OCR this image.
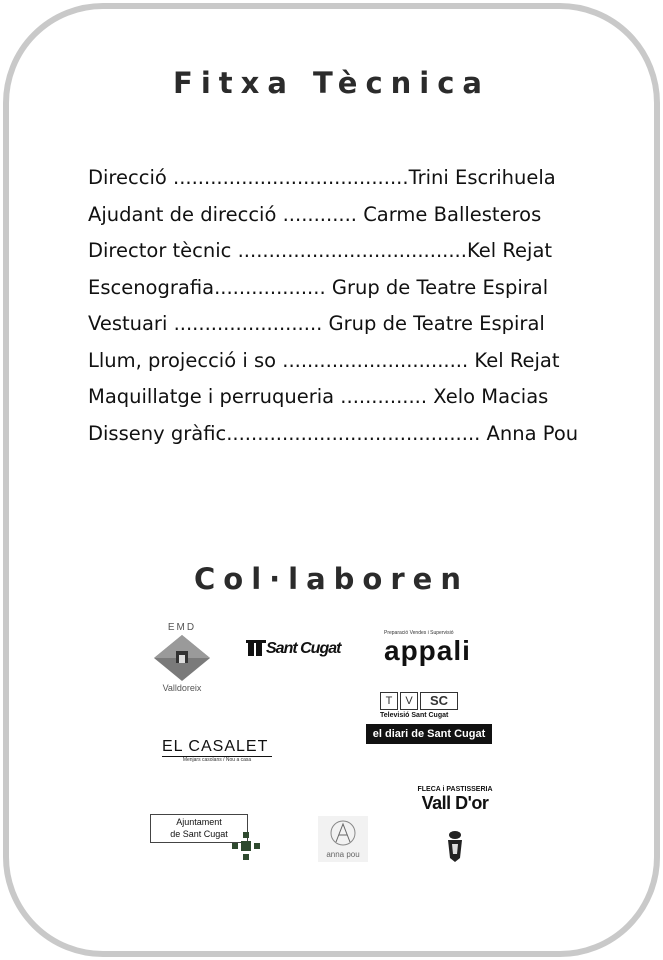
Fitxa Tècnica
Direcció ......................................Trini Escrihuela
Ajudant de direcció ............ Carme Ballesteros
Director tècnic .....................................Kel Rejat
Escenografia.................. Grup de Teatre Espiral
Vestuari ........................ Grup de Teatre Espiral
Llum, projecció i so .............................. Kel Rejat
Maquillatge i perruqueria .............. Xelo Macias
Disseny gràfic......................................... Anna Pou
Col·laboren
EMD
Valldoreix
Sant Cugat
Preparació Vendes i Supervisió
appali
T	V	SC
Televisió Sant Cugat
el diari de Sant Cugat
EL CASALET
Menjars casolans / Nou a casa
FLECA i PASTISSERIA
Vall D'or
Ajuntament
de Sant Cugat
anna pou
